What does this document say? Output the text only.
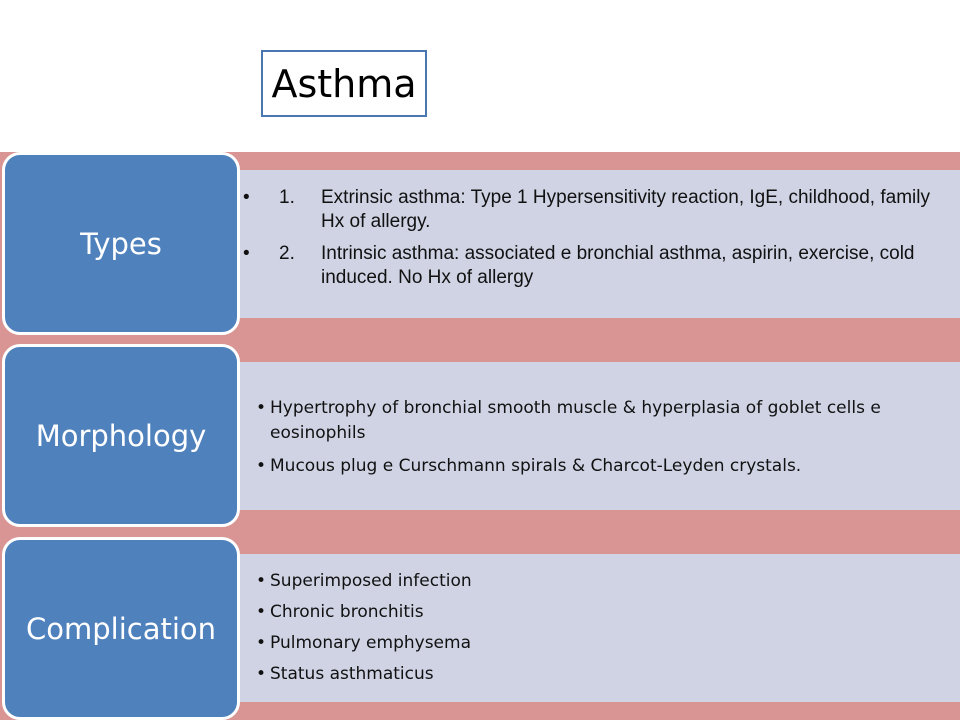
Asthma
Types
• 1. Extrinsic asthma: Type 1 Hypersensitivity reaction, IgE, childhood, family Hx of allergy.
• 2. Intrinsic asthma: associated e bronchial asthma, aspirin, exercise, cold induced. No Hx of allergy
Morphology
• Hypertrophy of bronchial smooth muscle & hyperplasia of goblet cells e eosinophils
• Mucous plug e Curschmann spirals & Charcot-Leyden crystals.
Complication
• Superimposed infection
• Chronic bronchitis
• Pulmonary emphysema
• Status asthmaticus
